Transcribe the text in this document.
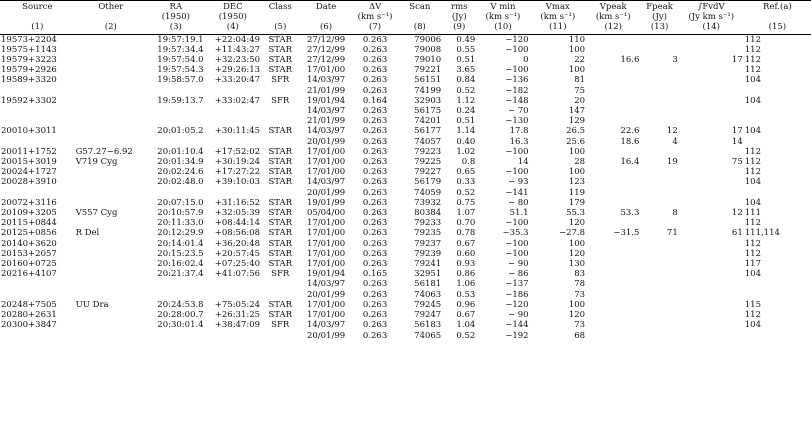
Source	Other	RA	DEC	Class	Date	ΔV	Scan	rms	V min	Vmax	Vpeak	Fpeak	∫FvdV	Ref.(a)
		(1950)	(1950)			(km s⁻¹)		(Jy)	(km s⁻¹)	(km s⁻¹)	(km s⁻¹)	(Jy)	(Jy km s⁻¹)	
(1)	(2)	(3)	(4)	(5)	(6)	(7)	(8)	(9)	(10)	(11)	(12)	(13)	(14)	(15)
19573+2204		19:57:19.1	+22:04:49	STAR	27/12/99	0.263	79006	0.49	−120	110				112
19575+1143		19:57:34.4	+11:43:27	STAR	27/12/99	0.263	79008	0.55	−100	100				112
19579+3223		19:57:54.0	+32:23:50	STAR	27/12/99	0.263	79010	0.51	0	22	16.6	3	17	112
19579+2926		19:57:54.3	+29:26:13	STAR	17/01/00	0.263	79221	3.65	−100	100				112
19589+3320		19:58:57.0	+33:20:47	SFR	14/03/97	0.263	56151	0.84	−136	81				104
					21/01/99	0.263	74199	0.52	−182	75				
19592+3302		19:59:13.7	+33:02:47	SFR	19/01/94	0.164	32903	1.12	−148	20				104
					14/03/97	0.263	56175	0.24	− 70	147				
					21/01/99	0.263	74201	0.51	−130	129				
20010+3011		20:01:05.2	+30:11:45	STAR	14/03/97	0.263	56177	1.14	17.8	26.5	22.6	12	17	104
					20/01/99	0.263	74057	0.40	16.3	25.6	18.6	4	14	
20011+1752	G57.27−6.92	20:01:10.4	+17:52:02	STAR	17/01/00	0.263	79223	1.02	−100	100				112
20015+3019	V719 Cyg	20:01:34.9	+30:19:24	STAR	17/01/00	0.263	79225	0.8	14	28	16.4	19	75	112
20024+1727		20:02:24.6	+17:27:22	STAR	17/01/00	0.263	79227	0.65	−100	100				112
20028+3910		20:02:48.0	+39:10:03	STAR	14/03/97	0.263	56179	0.33	− 93	123				104
					20/01/99	0.263	74059	0.52	−141	119				
20072+3116		20:07:15.0	+31:16:52	STAR	19/01/99	0.263	73932	0.75	− 80	179				104
20109+3205	V557 Cyg	20:10:57.9	+32:05:39	STAR	05/04/00	0.263	80384	1.07	51.1	55.3	53.3	8	12	111
20115+0844		20:11:33.0	+08:44:14	STAR	17/01/00	0.263	79233	0.70	−100	120				112
20125+0856	R Del	20:12:29.9	+08:56:08	STAR	17/01/00	0.263	79235	0.78	−35.3	−27.8	−31.5	71	61	111,114
20140+3620		20:14:01.4	+36:20:48	STAR	17/01/00	0.263	79237	0.67	−100	100				112
20153+2057		20:15:23.5	+20:57:45	STAR	17/01/00	0.263	79239	0.60	−100	120				112
20160+0725		20:16:02.4	+07:25:40	STAR	17/01/00	0.263	79241	0.93	− 90	130				117
20216+4107		20:21:37.4	+41:07:56	SFR	19/01/94	0.165	32951	0.86	− 86	83				104
					14/03/97	0.263	56181	1.06	−137	78				
					20/01/99	0.263	74063	0.53	−186	73				
20248+7505	UU Dra	20:24:53.8	+75:05:24	STAR	17/01/00	0.263	79245	0.96	−120	100				115
20280+2631		20:28:00.7	+26:31:25	STAR	17/01/00	0.263	79247	0.67	− 90	120				112
20300+3847		20:30:01.4	+38:47:09	SFR	14/03/97	0.263	56183	1.04	−144	73				104
					20/01/99	0.263	74065	0.52	−192	68				
